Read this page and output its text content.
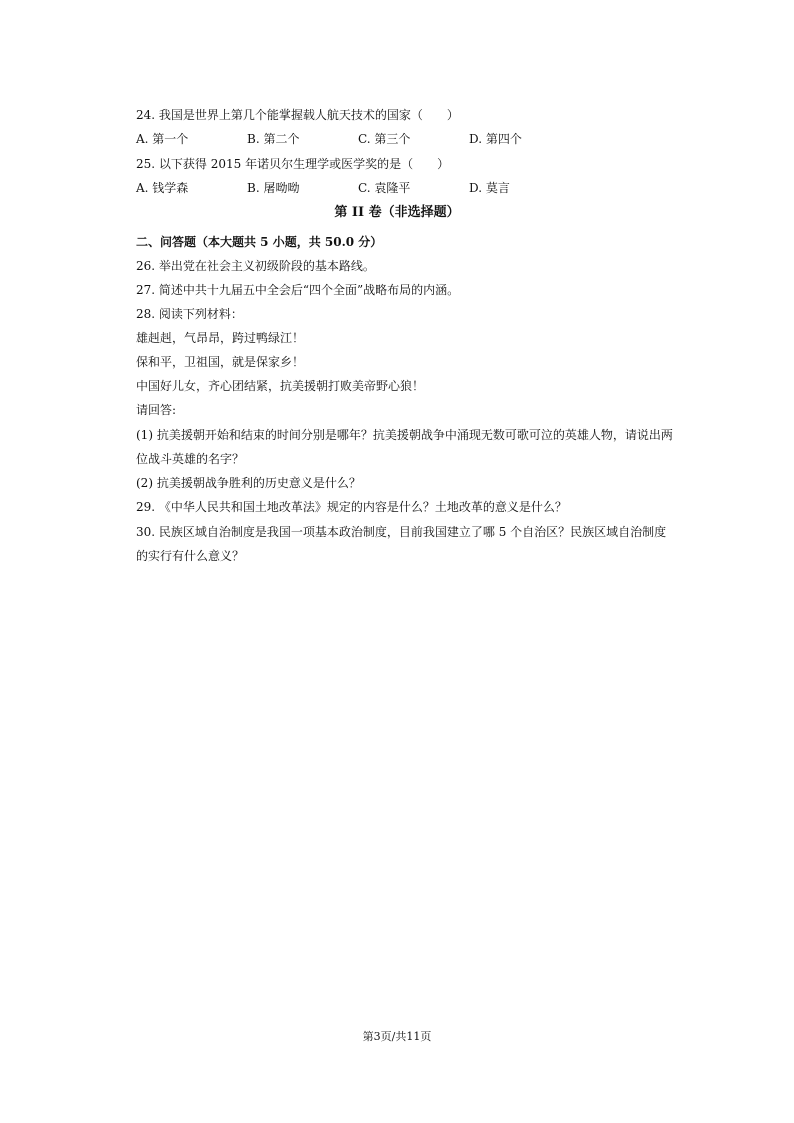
24. 我国是世界上第几个能掌握载人航天技术的国家（　　）
A. 第一个	B. 第二个	C. 第三个	D. 第四个
25. 以下获得 2015 年诺贝尔生理学或医学奖的是（　　）
A. 钱学森	B. 屠呦呦	C. 袁隆平	D. 莫言
第 II 卷（非选择题）
二、问答题（本大题共 5 小题，共 50.0 分）
26. 举出党在社会主义初级阶段的基本路线。
27. 简述中共十九届五中全会后“四个全面”战略布局的内涵。
28. 阅读下列材料：
雄赳赳，气昂昂，跨过鸭绿江！
保和平，卫祖国，就是保家乡！
中国好儿女，齐心团结紧，抗美援朝打败美帝野心狼！
请回答:
(1) 抗美援朝开始和结束的时间分别是哪年？抗美援朝战争中涌现无数可歌可泣的英雄人物，请说出两
位战斗英雄的名字？
(2) 抗美援朝战争胜利的历史意义是什么？
29. 《中华人民共和国土地改革法》规定的内容是什么？土地改革的意义是什么？
30. 民族区域自治制度是我国一项基本政治制度，目前我国建立了哪 5 个自治区？民族区域自治制度
的实行有什么意义？
第3页/共11页
